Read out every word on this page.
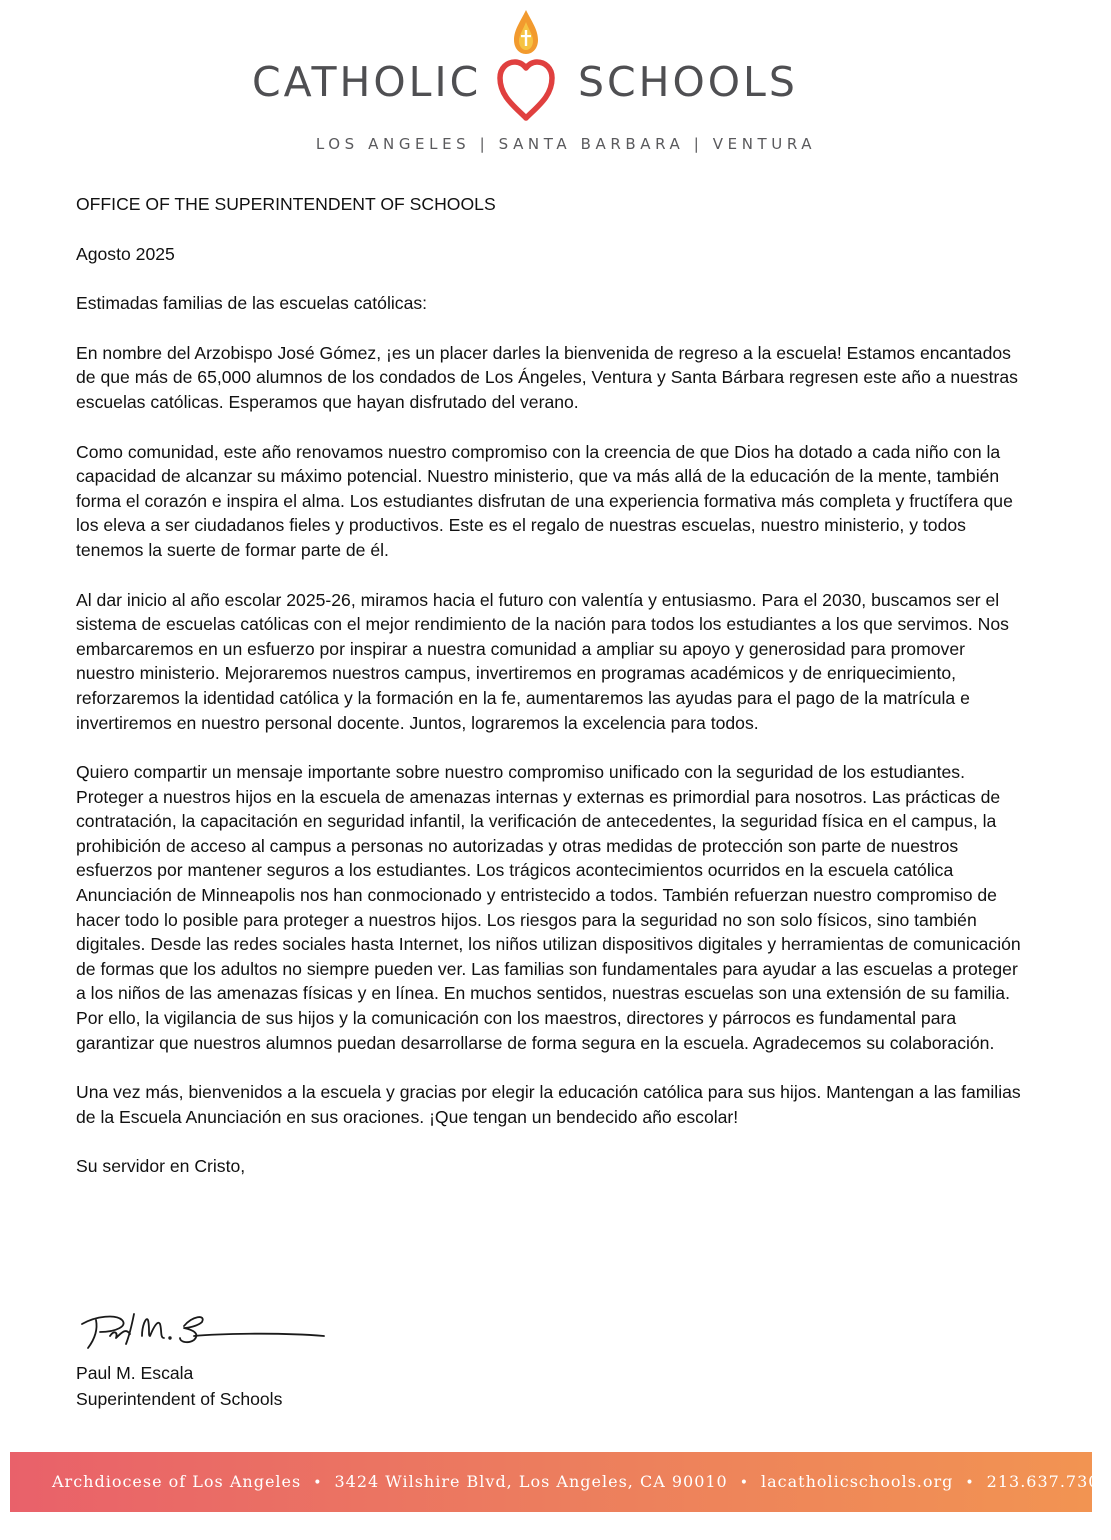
CATHOLIC SCHOOLS
LOS ANGELES | SANTA BARBARA | VENTURA

OFFICE OF THE SUPERINTENDENT OF SCHOOLS

Agosto 2025

Estimadas familias de las escuelas católicas:

En nombre del Arzobispo José Gómez, ¡es un placer darles la bienvenida de regreso a la escuela! Estamos encantados de que más de 65,000 alumnos de los condados de Los Ángeles, Ventura y Santa Bárbara regresen este año a nuestras escuelas católicas. Esperamos que hayan disfrutado del verano.

Como comunidad, este año renovamos nuestro compromiso con la creencia de que Dios ha dotado a cada niño con la capacidad de alcanzar su máximo potencial. Nuestro ministerio, que va más allá de la educación de la mente, también forma el corazón e inspira el alma. Los estudiantes disfrutan de una experiencia formativa más completa y fructífera que los eleva a ser ciudadanos fieles y productivos. Este es el regalo de nuestras escuelas, nuestro ministerio, y todos tenemos la suerte de formar parte de él.

Al dar inicio al año escolar 2025-26, miramos hacia el futuro con valentía y entusiasmo. Para el 2030, buscamos ser el sistema de escuelas católicas con el mejor rendimiento de la nación para todos los estudiantes a los que servimos. Nos embarcaremos en un esfuerzo por inspirar a nuestra comunidad a ampliar su apoyo y generosidad para promover nuestro ministerio. Mejoraremos nuestros campus, invertiremos en programas académicos y de enriquecimiento, reforzaremos la identidad católica y la formación en la fe, aumentaremos las ayudas para el pago de la matrícula e invertiremos en nuestro personal docente. Juntos, lograremos la excelencia para todos.

Quiero compartir un mensaje importante sobre nuestro compromiso unificado con la seguridad de los estudiantes. Proteger a nuestros hijos en la escuela de amenazas internas y externas es primordial para nosotros. Las prácticas de contratación, la capacitación en seguridad infantil, la verificación de antecedentes, la seguridad física en el campus, la prohibición de acceso al campus a personas no autorizadas y otras medidas de protección son parte de nuestros esfuerzos por mantener seguros a los estudiantes. Los trágicos acontecimientos ocurridos en la escuela católica Anunciación de Minneapolis nos han conmocionado y entristecido a todos. También refuerzan nuestro compromiso de hacer todo lo posible para proteger a nuestros hijos. Los riesgos para la seguridad no son solo físicos, sino también digitales. Desde las redes sociales hasta Internet, los niños utilizan dispositivos digitales y herramientas de comunicación de formas que los adultos no siempre pueden ver. Las familias son fundamentales para ayudar a las escuelas a proteger a los niños de las amenazas físicas y en línea. En muchos sentidos, nuestras escuelas son una extensión de su familia. Por ello, la vigilancia de sus hijos y la comunicación con los maestros, directores y párrocos es fundamental para garantizar que nuestros alumnos puedan desarrollarse de forma segura en la escuela. Agradecemos su colaboración.

Una vez más, bienvenidos a la escuela y gracias por elegir la educación católica para sus hijos. Mantengan a las familias de la Escuela Anunciación en sus oraciones. ¡Que tengan un bendecido año escolar!

Su servidor en Cristo,

Paul M. Escala
Superintendent of Schools
Archdiocese of Los Angeles • 3424 Wilshire Blvd, Los Angeles, CA 90010 • lacatholicschools.org • 213.637.7300
